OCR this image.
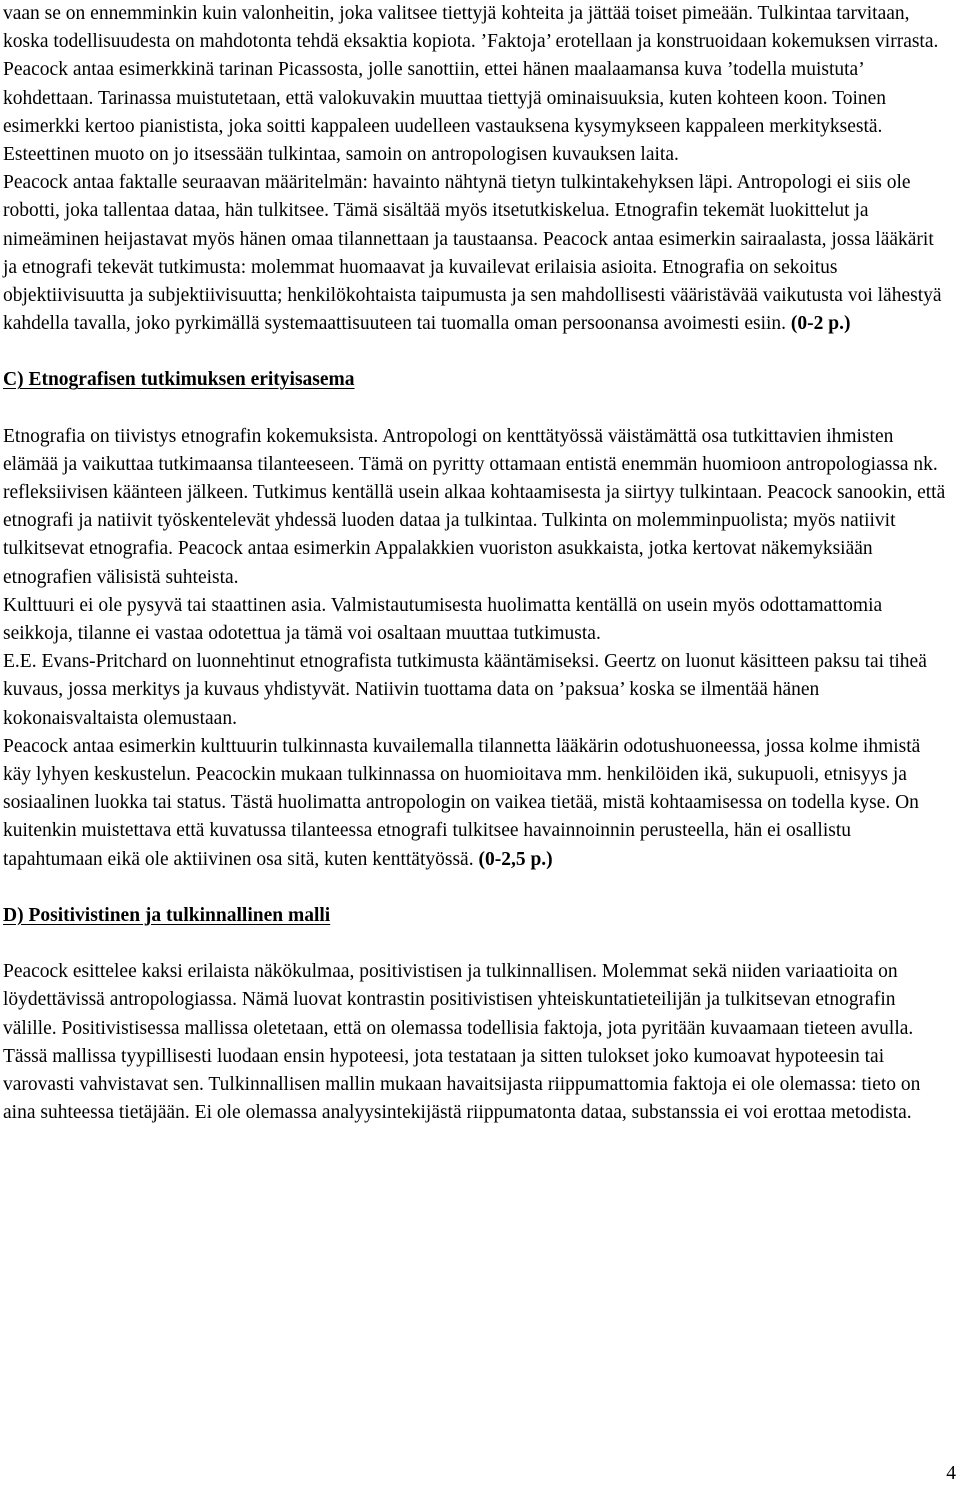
vaan se on ennemminkin kuin valonheitin, joka valitsee tiettyjä kohteita ja jättää toiset pimeään. Tulkintaa tarvitaan, koska todellisuudesta on mahdotonta tehdä eksaktia kopiota. ’Faktoja’ erotellaan ja konstruoidaan kokemuksen virrasta.

Peacock antaa esimerkkinä tarinan Picassosta, jolle sanottiin, ettei hänen maalaamansa kuva ’todella muistuta’ kohdettaan. Tarinassa muistutetaan, että valokuvakin muuttaa tiettyjä ominaisuuksia, kuten kohteen koon. Toinen esimerkki kertoo pianistista, joka soitti kappaleen uudelleen vastauksena kysymykseen kappaleen merkityksestä. Esteettinen muoto on jo itsessään tulkintaa, samoin on antropologisen kuvauksen laita.

Peacock antaa faktalle seuraavan määritelmän: havainto nähtynä tietyn tulkintakehyksen läpi. Antropologi ei siis ole robotti, joka tallentaa dataa, hän tulkitsee. Tämä sisältää myös itsetutkiskelua. Etnografin tekemät luokittelut ja nimeäminen heijastavat myös hänen omaa tilannettaan ja taustaansa. Peacock antaa esimerkin sairaalasta, jossa lääkärit ja etnografi tekevät tutkimusta: molemmat huomaavat ja kuvailevat erilaisia asioita. Etnografia on sekoitus objektiivisuutta ja subjektiivisuutta; henkilökohtaista taipumusta ja sen mahdollisesti vääristävää vaikutusta voi lähestyä kahdella tavalla, joko pyrkimällä systemaattisuuteen tai tuomalla oman persoonansa avoimesti esiin. (0-2 p.)

C) Etnografisen tutkimuksen erityisasema

Etnografia on tiivistys etnografin kokemuksista. Antropologi on kenttätyössä väistämättä osa tutkittavien ihmisten elämää ja vaikuttaa tutkimaansa tilanteeseen. Tämä on pyritty ottamaan entistä enemmän huomioon antropologiassa nk. refleksiivisen käänteen jälkeen. Tutkimus kentällä usein alkaa kohtaamisesta ja siirtyy tulkintaan. Peacock sanookin, että etnografi ja natiivit työskentelevät yhdessä luoden dataa ja tulkintaa. Tulkinta on molemminpuolista; myös natiivit tulkitsevat etnografia. Peacock antaa esimerkin Appalakkien vuoriston asukkaista, jotka kertovat näkemyksiään etnografien välisistä suhteista.

Kulttuuri ei ole pysyvä tai staattinen asia. Valmistautumisesta huolimatta kentällä on usein myös odottamattomia seikkoja, tilanne ei vastaa odotettua ja tämä voi osaltaan muuttaa tutkimusta.

E.E. Evans-Pritchard on luonnehtinut etnografista tutkimusta kääntämiseksi. Geertz on luonut käsitteen paksu tai tiheä kuvaus, jossa merkitys ja kuvaus yhdistyvät. Natiivin tuottama data on ’paksua’ koska se ilmentää hänen kokonaisvaltaista olemustaan.

Peacock antaa esimerkin kulttuurin tulkinnasta kuvailemalla tilannetta lääkärin odotushuoneessa, jossa kolme ihmistä käy lyhyen keskustelun. Peacockin mukaan tulkinnassa on huomioitava mm. henkilöiden ikä, sukupuoli, etnisyys ja sosiaalinen luokka tai status. Tästä huolimatta antropologin on vaikea tietää, mistä kohtaamisessa on todella kyse. On kuitenkin muistettava että kuvatussa tilanteessa etnografi tulkitsee havainnoinnin perusteella, hän ei osallistu tapahtumaan eikä ole aktiivinen osa sitä, kuten kenttätyössä. (0-2,5 p.)

D) Positivistinen ja tulkinnallinen malli

Peacock esittelee kaksi erilaista näkökulmaa, positivistisen ja tulkinnallisen. Molemmat sekä niiden variaatioita on löydettävissä antropologiassa. Nämä luovat kontrastin positivistisen yhteiskuntatieteilijän ja tulkitsevan etnografin välille. Positivistisessa mallissa oletetaan, että on olemassa todellisia faktoja, jota pyritään kuvaamaan tieteen avulla. Tässä mallissa tyypillisesti luodaan ensin hypoteesi, jota testataan ja sitten tulokset joko kumoavat hypoteesin tai varovasti vahvistavat sen. Tulkinnallisen mallin mukaan havaitsijasta riippumattomia faktoja ei ole olemassa: tieto on aina suhteessa tietäjään. Ei ole olemassa analyysintekijästä riippumatonta dataa, substanssia ei voi erottaa metodista.

4
